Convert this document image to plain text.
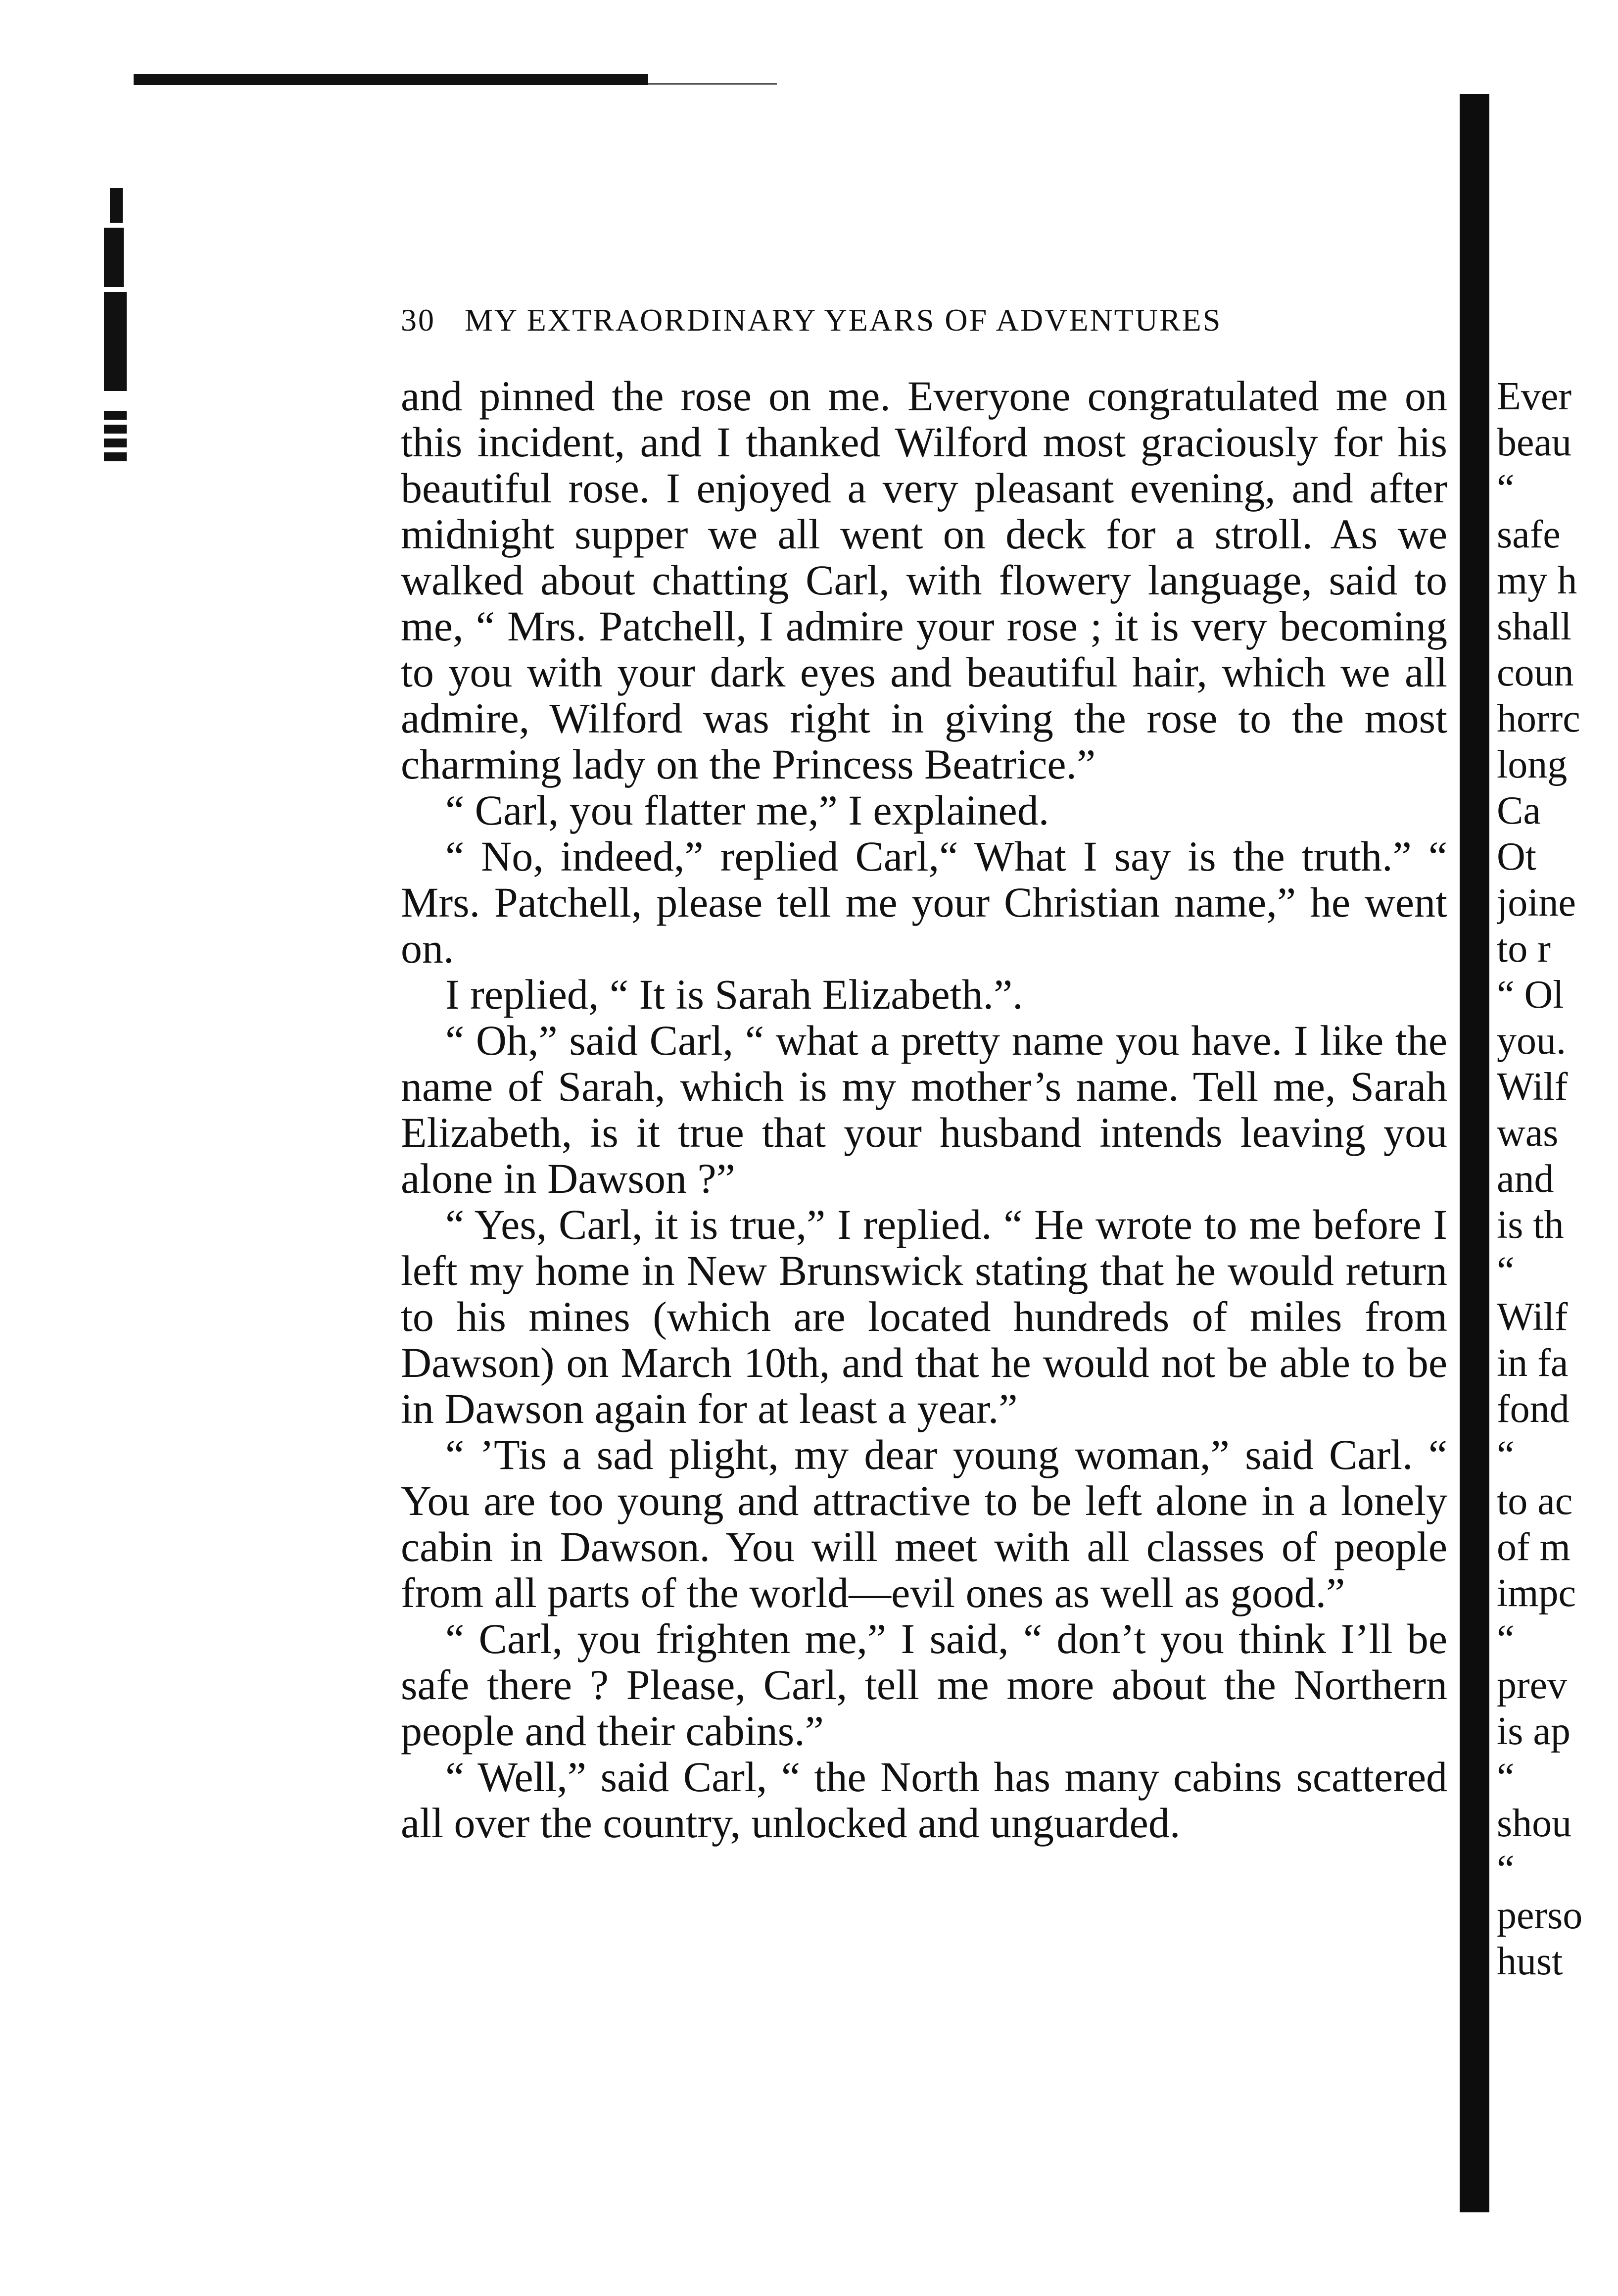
30 MY EXTRAORDINARY YEARS OF ADVENTURES

and pinned the rose on me. Everyone congratulated me on this incident, and I thanked Wilford most graciously for his beautiful rose. I enjoyed a very pleasant evening, and after midnight supper we all went on deck for a stroll. As we walked about chatting Carl, with flowery language, said to me, “ Mrs. Patchell, I admire your rose ; it is very becoming to you with your dark eyes and beautiful hair, which we all admire, Wilford was right in giving the rose to the most charming lady on the Princess Beatrice.”

“ Carl, you flatter me,” I explained.

“ No, indeed,” replied Carl,“ What I say is the truth.” “ Mrs. Patchell, please tell me your Christian name,” he went on.

I replied, “ It is Sarah Elizabeth.”.

“ Oh,” said Carl, “ what a pretty name you have. I like the name of Sarah, which is my mother’s name. Tell me, Sarah Elizabeth, is it true that your husband intends leaving you alone in Dawson ?”

“ Yes, Carl, it is true,” I replied. “ He wrote to me before I left my home in New Brunswick stating that he would return to his mines (which are located hundreds of miles from Dawson) on March 10th, and that he would not be able to be in Dawson again for at least a year.”

“ ’Tis a sad plight, my dear young woman,” said Carl. “ You are too young and attractive to be left alone in a lonely cabin in Dawson. You will meet with all classes of people from all parts of the world—evil ones as well as good.”

“ Carl, you frighten me,” I said, “ don’t you think I’ll be safe there ? Please, Carl, tell me more about the Northern people and their cabins.”

“ Well,” said Carl, “ the North has many cabins scattered all over the country, unlocked and unguarded.

Ever
beau
“
safe
my h
shall
coun
horrc
long
Ca
Ot
joine
to r
“ Ol
you.
Wilf
was
and
is th
“
Wilf
in fa
fond
“
to ac
of m
impc
“
prev
is ap
“
shou
“
perso
hust
